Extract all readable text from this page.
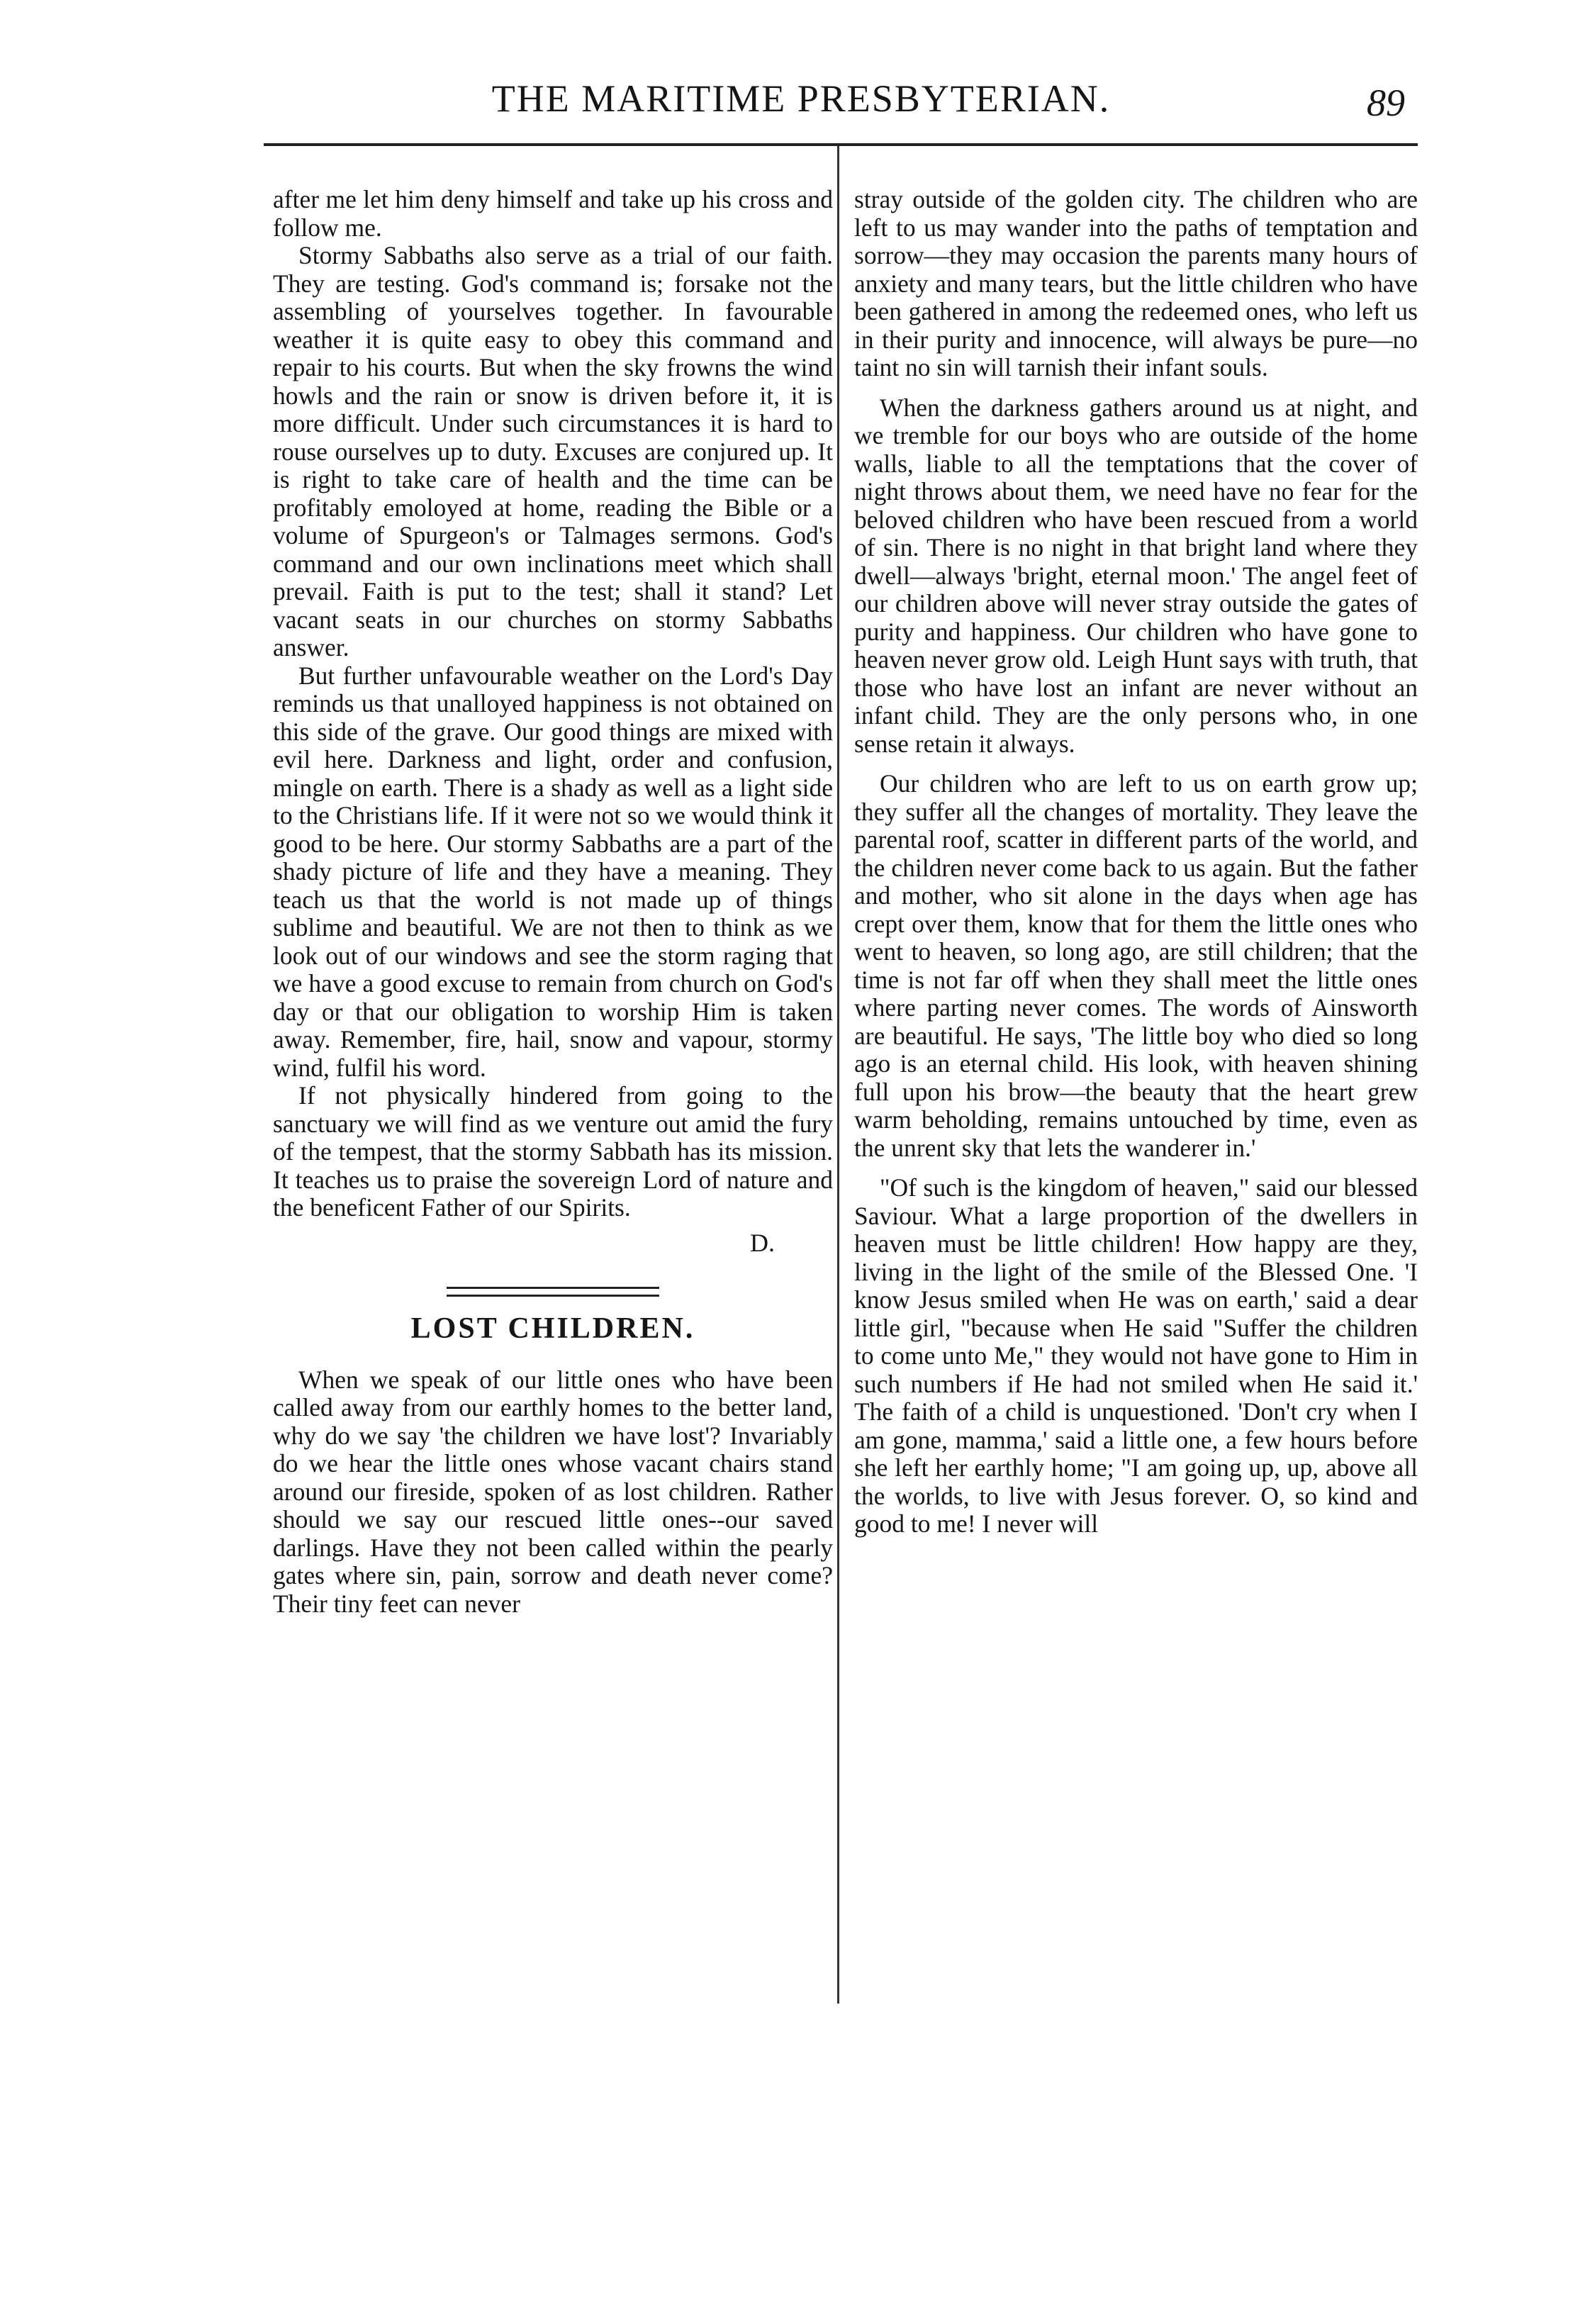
THE MARITIME PRESBYTERIAN.	89

after me let him deny himself and take up his cross and follow me.

Stormy Sabbaths also serve as a trial of our faith. They are testing. God's command is; forsake not the assembling of yourselves together. In favourable weather it is quite easy to obey this command and repair to his courts. But when the sky frowns the wind howls and the rain or snow is driven before it, it is more difficult. Under such circumstances it is hard to rouse ourselves up to duty. Excuses are conjured up. It is right to take care of health and the time can be profitably emoloyed at home, reading the Bible or a volume of Spurgeon's or Talmages sermons. God's command and our own inclinations meet which shall prevail. Faith is put to the test; shall it stand? Let vacant seats in our churches on stormy Sabbaths answer.

But further unfavourable weather on the Lord's Day reminds us that unalloyed happiness is not obtained on this side of the grave. Our good things are mixed with evil here. Darkness and light, order and confusion, mingle on earth. There is a shady as well as a light side to the Christians life. If it were not so we would think it good to be here. Our stormy Sabbaths are a part of the shady picture of life and they have a meaning. They teach us that the world is not made up of things sublime and beautiful. We are not then to think as we look out of our windows and see the storm raging that we have a good excuse to remain from church on God's day or that our obligation to worship Him is taken away. Remember, fire, hail, snow and vapour, stormy wind, fulfil his word.

If not physically hindered from going to the sanctuary we will find as we venture out amid the fury of the tempest, that the stormy Sabbath has its mission. It teaches us to praise the sovereign Lord of nature and the beneficent Father of our Spirits.

D.
LOST CHILDREN.

When we speak of our little ones who have been called away from our earthly homes to the better land, why do we say 'the children we have lost'? Invariably do we hear the little ones whose vacant chairs stand around our fireside, spoken of as lost children. Rather should we say our rescued little ones--our saved darlings. Have they not been called within the pearly gates where sin, pain, sorrow and death never come? Their tiny feet can never

stray outside of the golden city. The children who are left to us may wander into the paths of temptation and sorrow—they may occasion the parents many hours of anxiety and many tears, but the little children who have been gathered in among the redeemed ones, who left us in their purity and innocence, will always be pure—no taint no sin will tarnish their infant souls.

When the darkness gathers around us at night, and we tremble for our boys who are outside of the home walls, liable to all the temptations that the cover of night throws about them, we need have no fear for the beloved children who have been rescued from a world of sin. There is no night in that bright land where they dwell—always 'bright, eternal moon.' The angel feet of our children above will never stray outside the gates of purity and happiness. Our children who have gone to heaven never grow old. Leigh Hunt says with truth, that those who have lost an infant are never without an infant child. They are the only persons who, in one sense retain it always.

Our children who are left to us on earth grow up; they suffer all the changes of mortality. They leave the parental roof, scatter in different parts of the world, and the children never come back to us again. But the father and mother, who sit alone in the days when age has crept over them, know that for them the little ones who went to heaven, so long ago, are still children; that the time is not far off when they shall meet the little ones where parting never comes. The words of Ainsworth are beautiful. He says, 'The little boy who died so long ago is an eternal child. His look, with heaven shining full upon his brow—the beauty that the heart grew warm beholding, remains untouched by time, even as the unrent sky that lets the wanderer in.'

"Of such is the kingdom of heaven," said our blessed Saviour. What a large proportion of the dwellers in heaven must be little children! How happy are they, living in the light of the smile of the Blessed One. 'I know Jesus smiled when He was on earth,' said a dear little girl, "because when He said "Suffer the children to come unto Me," they would not have gone to Him in such numbers if He had not smiled when He said it.' The faith of a child is unquestioned. 'Don't cry when I am gone, mamma,' said a little one, a few hours before she left her earthly home; "I am going up, up, above all the worlds, to live with Jesus forever. O, so kind and good to me! I never will
